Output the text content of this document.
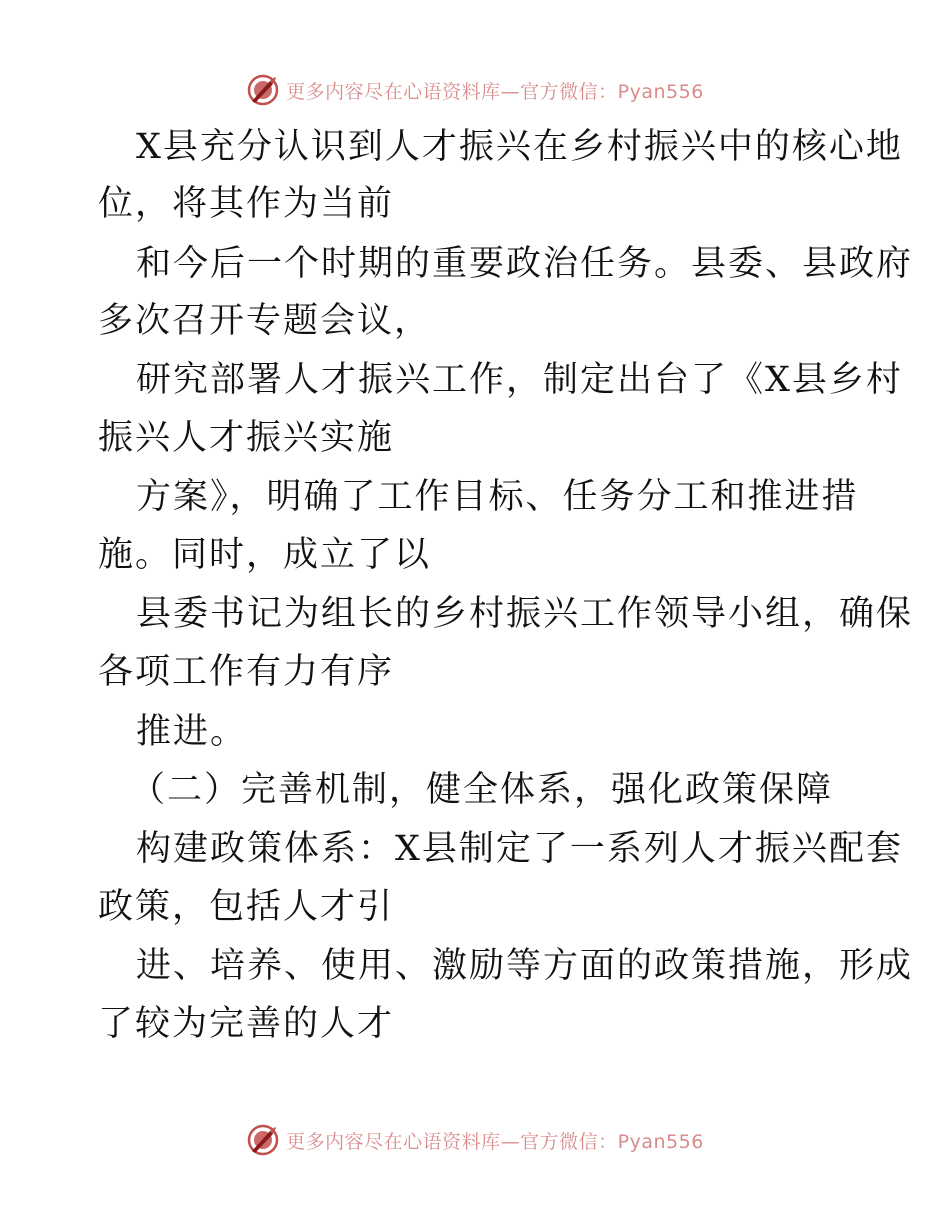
更多内容尽在心语资料库—官方微信：Pyan556
X县充分认识到人才振兴在乡村振兴中的核心地
位，将其作为当前
和今后一个时期的重要政治任务。县委、县政府
多次召开专题会议，
研究部署人才振兴工作，制定出台了《X县乡村
振兴人才振兴实施
方案》，明确了工作目标、任务分工和推进措
施。同时，成立了以
县委书记为组长的乡村振兴工作领导小组，确保
各项工作有力有序
推进。
（二）完善机制，健全体系，强化政策保障
构建政策体系：X县制定了一系列人才振兴配套
政策，包括人才引
进、培养、使用、激励等方面的政策措施，形成
了较为完善的人才
更多内容尽在心语资料库—官方微信：Pyan556
